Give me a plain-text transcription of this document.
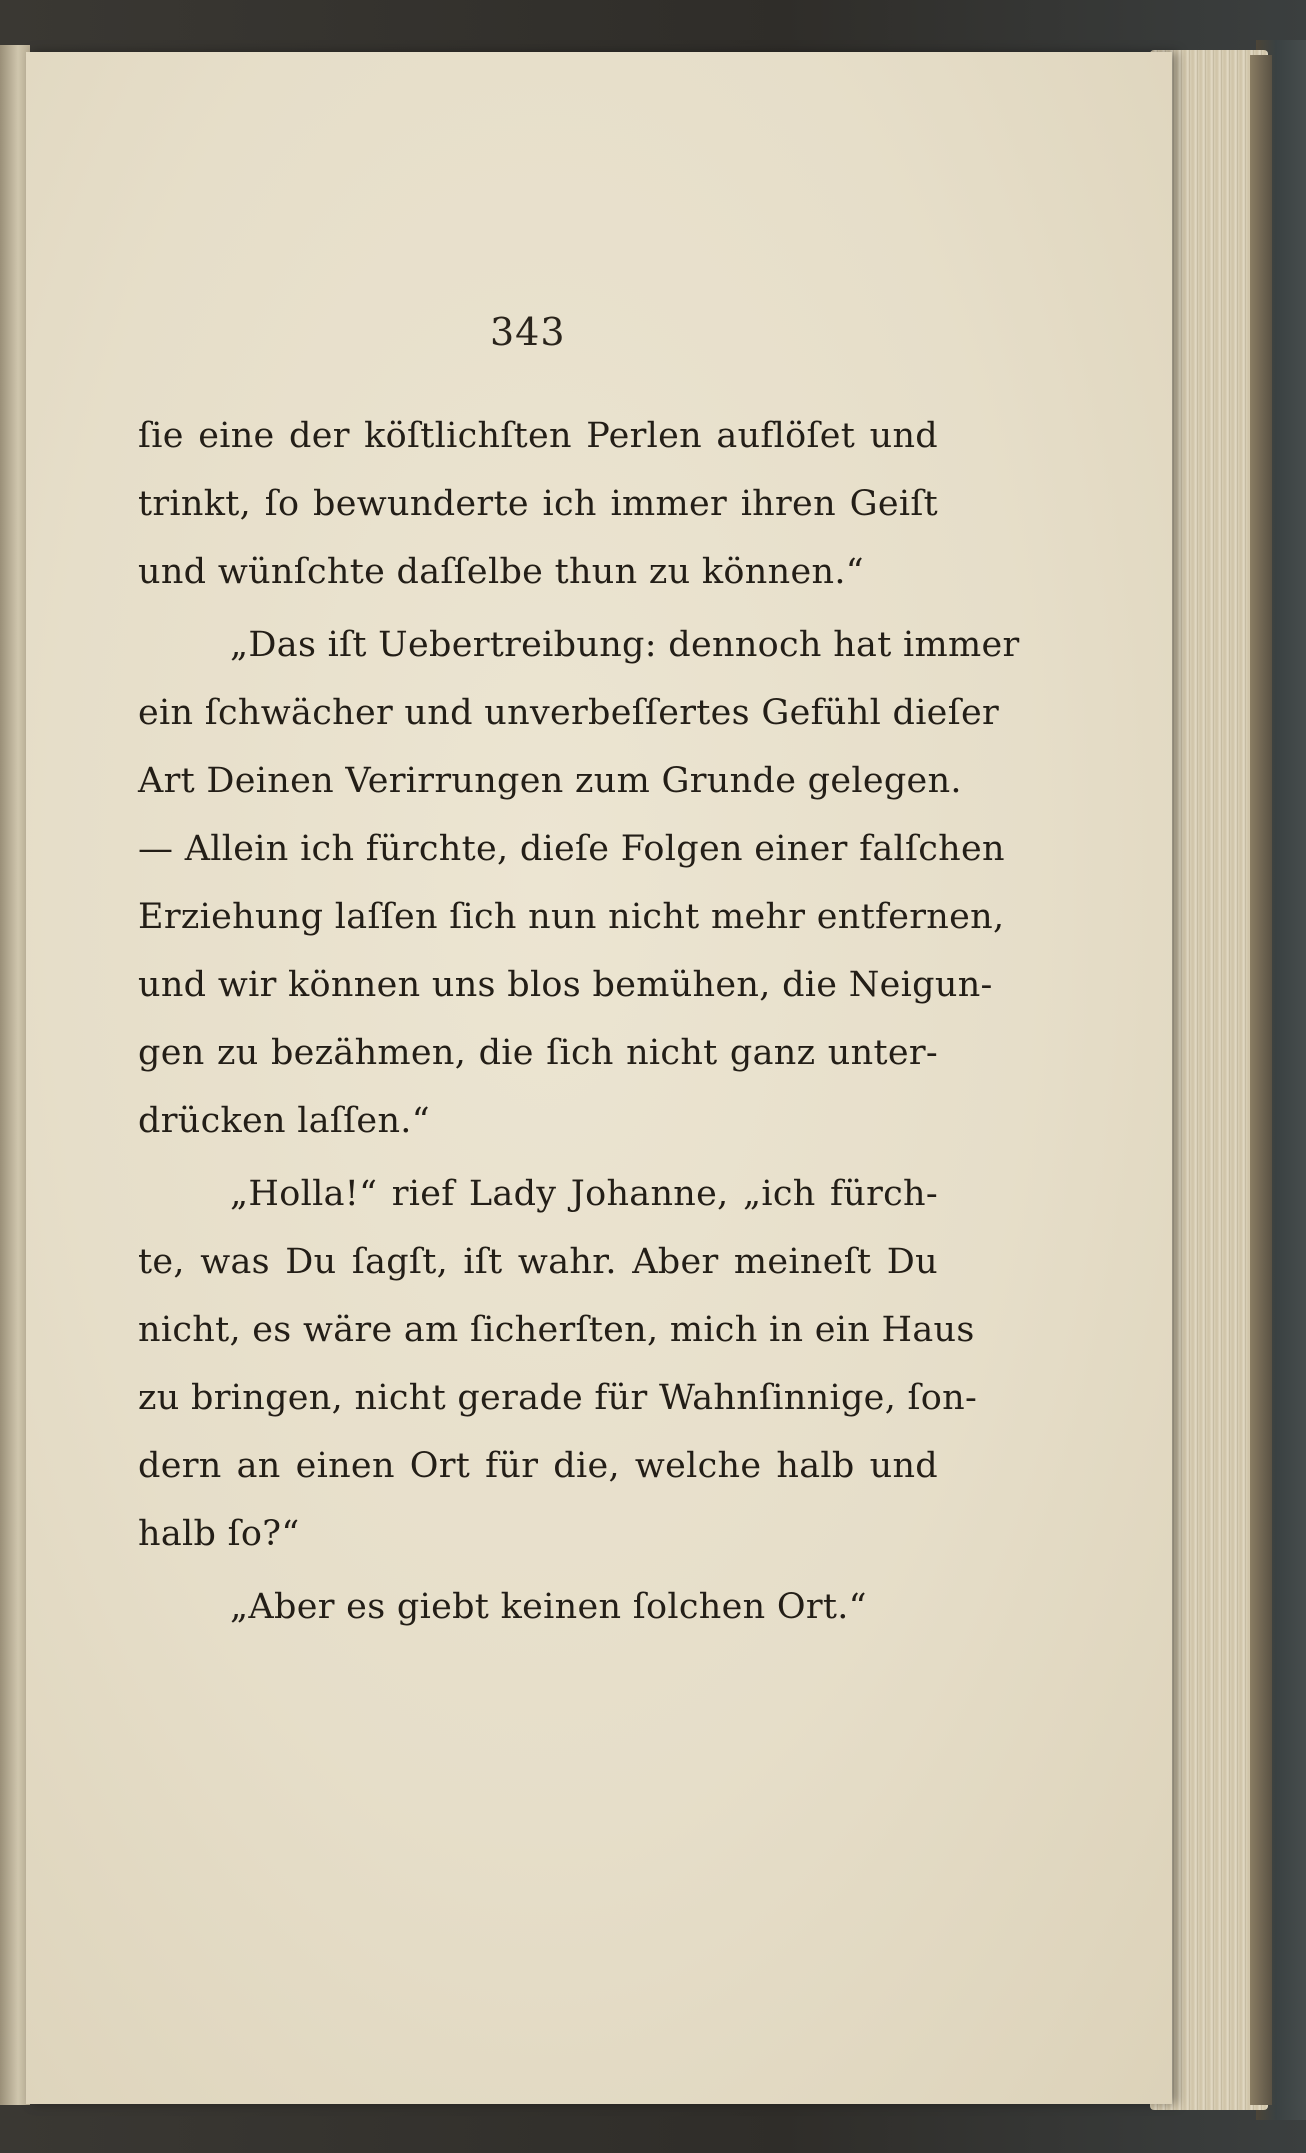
343
ſie eine der köſtlichſten Perlen auflöſet und
trinkt, ſo bewunderte ich immer ihren Geiſt
und wünſchte daſſelbe thun zu können.“
„Das iſt Uebertreibung: dennoch hat immer
ein ſchwächer und unverbeſſertes Gefühl dieſer
Art Deinen Verirrungen zum Grunde gelegen.
— Allein ich fürchte, dieſe Folgen einer falſchen
Erziehung laſſen ſich nun nicht mehr entfernen,
und wir können uns blos bemühen, die Neigun-
gen zu bezähmen, die ſich nicht ganz unter-
drücken laſſen.“
„Holla!“ rief Lady Johanne, „ich fürch-
te, was Du ſagſt, iſt wahr. Aber meineſt Du
nicht, es wäre am ſicherſten, mich in ein Haus
zu bringen, nicht gerade für Wahnſinnige, ſon-
dern an einen Ort für die, welche halb und
halb ſo?“
„Aber es giebt keinen ſolchen Ort.“
